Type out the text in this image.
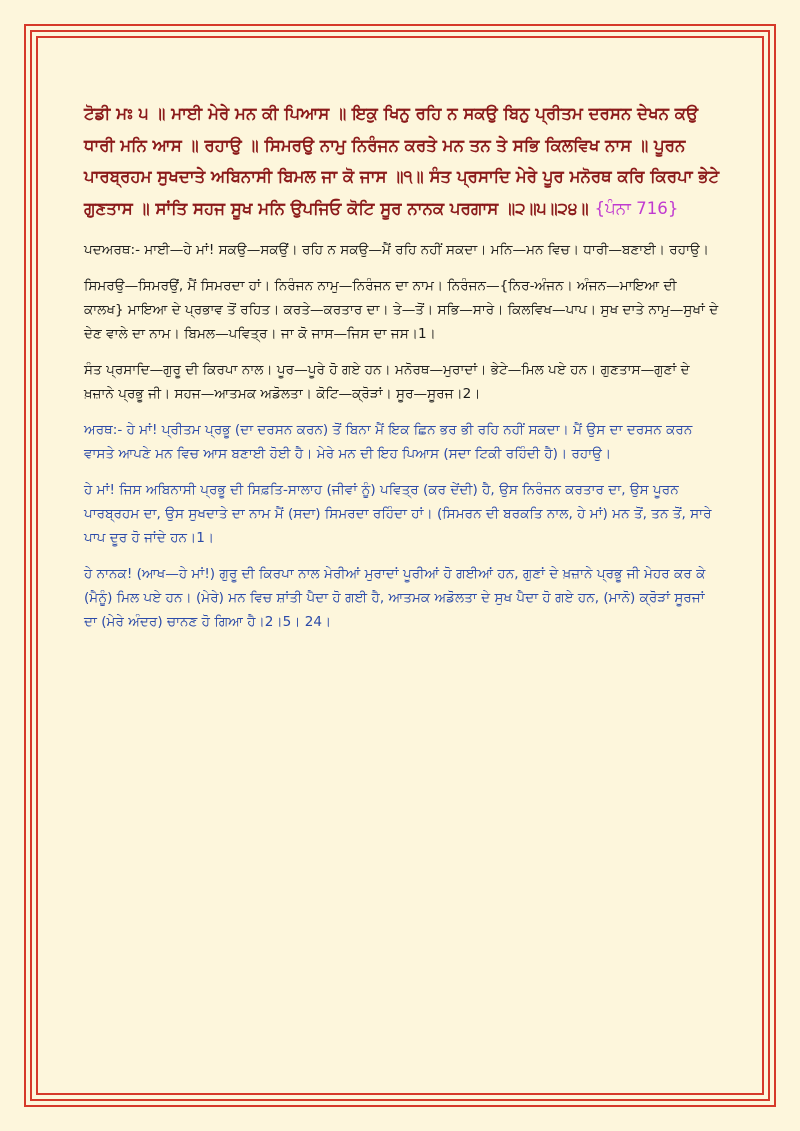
ਟੋਡੀ ਮਃ ੫ ॥ ਮਾਈ ਮੇਰੇ ਮਨ ਕੀ ਪਿਆਸ ॥ ਇਕੁ ਖਿਨੁ ਰਹਿ ਨ ਸਕਉ ਬਿਨੁ ਪ੍ਰੀਤਮ ਦਰਸਨ ਦੇਖਨ ਕਉ ਧਾਰੀ ਮਨਿ ਆਸ ॥ ਰਹਾਉ ॥ ਸਿਮਰਉ ਨਾਮੁ ਨਿਰੰਜਨ ਕਰਤੇ ਮਨ ਤਨ ਤੇ ਸਭਿ ਕਿਲਵਿਖ ਨਾਸ ॥ ਪੂਰਨ ਪਾਰਬ੍ਰਹਮ ਸੁਖਦਾਤੇ ਅਬਿਨਾਸੀ ਬਿਮਲ ਜਾ ਕੋ ਜਾਸ ॥੧॥ ਸੰਤ ਪ੍ਰਸਾਦਿ ਮੇਰੇ ਪੂਰ ਮਨੋਰਥ ਕਰਿ ਕਿਰਪਾ ਭੇਟੇ ਗੁਣਤਾਸ ॥ ਸਾਂਤਿ ਸਹਜ ਸੂਖ ਮਨਿ ਉਪਜਿਓ ਕੋਟਿ ਸੂਰ ਨਾਨਕ ਪਰਗਾਸ ॥੨॥੫॥੨੪॥ {ਪੰਨਾ 716}

ਪਦਅਰਥ:- ਮਾਈ—ਹੇ ਮਾਂ! ਸਕਉ—ਸਕਉਂ। ਰਹਿ ਨ ਸਕਉ—ਮੈਂ ਰਹਿ ਨਹੀਂ ਸਕਦਾ। ਮਨਿ—ਮਨ ਵਿਚ। ਧਾਰੀ—ਬਣਾਈ। ਰਹਾਉ।

ਸਿਮਰਉ—ਸਿਮਰਉਂ, ਮੈਂ ਸਿਮਰਦਾ ਹਾਂ। ਨਿਰੰਜਨ ਨਾਮੁ—ਨਿਰੰਜਨ ਦਾ ਨਾਮ। ਨਿਰੰਜਨ—{ਨਿਰ-ਅੰਜਨ। ਅੰਜਨ—ਮਾਇਆ ਦੀ ਕਾਲਖ} ਮਾਇਆ ਦੇ ਪ੍ਰਭਾਵ ਤੋਂ ਰਹਿਤ। ਕਰਤੇ—ਕਰਤਾਰ ਦਾ। ਤੇ—ਤੋਂ। ਸਭਿ—ਸਾਰੇ। ਕਿਲਵਿਖ—ਪਾਪ। ਸੁਖ ਦਾਤੇ ਨਾਮੁ—ਸੁਖਾਂ ਦੇ ਦੇਣ ਵਾਲੇ ਦਾ ਨਾਮ। ਬਿਮਲ—ਪਵਿਤ੍ਰ। ਜਾ ਕੋ ਜਾਸ—ਜਿਸ ਦਾ ਜਸ।1।

ਸੰਤ ਪ੍ਰਸਾਦਿ—ਗੁਰੂ ਦੀ ਕਿਰਪਾ ਨਾਲ। ਪੂਰ—ਪੂਰੇ ਹੋ ਗਏ ਹਨ। ਮਨੋਰਥ—ਮੁਰਾਦਾਂ। ਭੇਟੇ—ਮਿਲ ਪਏ ਹਨ। ਗੁਣਤਾਸ—ਗੁਣਾਂ ਦੇ ਖ਼ਜ਼ਾਨੇ ਪ੍ਰਭੂ ਜੀ। ਸਹਜ—ਆਤਮਕ ਅਡੋਲਤਾ। ਕੋਟਿ—ਕ੍ਰੋੜਾਂ। ਸੂਰ—ਸੂਰਜ।2।

ਅਰਥ:- ਹੇ ਮਾਂ! ਪ੍ਰੀਤਮ ਪ੍ਰਭੂ (ਦਾ ਦਰਸਨ ਕਰਨ) ਤੋਂ ਬਿਨਾ ਮੈਂ ਇਕ ਛਿਨ ਭਰ ਭੀ ਰਹਿ ਨਹੀਂ ਸਕਦਾ। ਮੈਂ ਉਸ ਦਾ ਦਰਸਨ ਕਰਨ ਵਾਸਤੇ ਆਪਣੇ ਮਨ ਵਿਚ ਆਸ ਬਣਾਈ ਹੋਈ ਹੈ। ਮੇਰੇ ਮਨ ਦੀ ਇਹ ਪਿਆਸ (ਸਦਾ ਟਿਕੀ ਰਹਿੰਦੀ ਹੈ)। ਰਹਾਉ।

ਹੇ ਮਾਂ! ਜਿਸ ਅਬਿਨਾਸੀ ਪ੍ਰਭੂ ਦੀ ਸਿਫ਼ਤਿ-ਸਾਲਾਹ (ਜੀਵਾਂ ਨੂੰ) ਪਵਿਤ੍ਰ (ਕਰ ਦੇਂਦੀ) ਹੈ, ਉਸ ਨਿਰੰਜਨ ਕਰਤਾਰ ਦਾ, ਉਸ ਪੂਰਨ ਪਾਰਬ੍ਰਹਮ ਦਾ, ਉਸ ਸੁਖਦਾਤੇ ਦਾ ਨਾਮ ਮੈਂ (ਸਦਾ) ਸਿਮਰਦਾ ਰਹਿੰਦਾ ਹਾਂ। (ਸਿਮਰਨ ਦੀ ਬਰਕਤਿ ਨਾਲ, ਹੇ ਮਾਂ) ਮਨ ਤੋਂ, ਤਨ ਤੋਂ, ਸਾਰੇ ਪਾਪ ਦੂਰ ਹੋ ਜਾਂਦੇ ਹਨ।1।

ਹੇ ਨਾਨਕ! (ਆਖ—ਹੇ ਮਾਂ!) ਗੁਰੂ ਦੀ ਕਿਰਪਾ ਨਾਲ ਮੇਰੀਆਂ ਮੁਰਾਦਾਂ ਪੂਰੀਆਂ ਹੋ ਗਈਆਂ ਹਨ, ਗੁਣਾਂ ਦੇ ਖ਼ਜ਼ਾਨੇ ਪ੍ਰਭੂ ਜੀ ਮੇਹਰ ਕਰ ਕੇ (ਮੈਨੂੰ) ਮਿਲ ਪਏ ਹਨ। (ਮੇਰੇ) ਮਨ ਵਿਚ ਸ਼ਾਂਤੀ ਪੈਦਾ ਹੋ ਗਈ ਹੈ, ਆਤਮਕ ਅਡੋਲਤਾ ਦੇ ਸੁਖ ਪੈਦਾ ਹੋ ਗਏ ਹਨ, (ਮਾਨੋ) ਕ੍ਰੋੜਾਂ ਸੂਰਜਾਂ ਦਾ (ਮੇਰੇ ਅੰਦਰ) ਚਾਨਣ ਹੋ ਗਿਆ ਹੈ।2।5। 24।
